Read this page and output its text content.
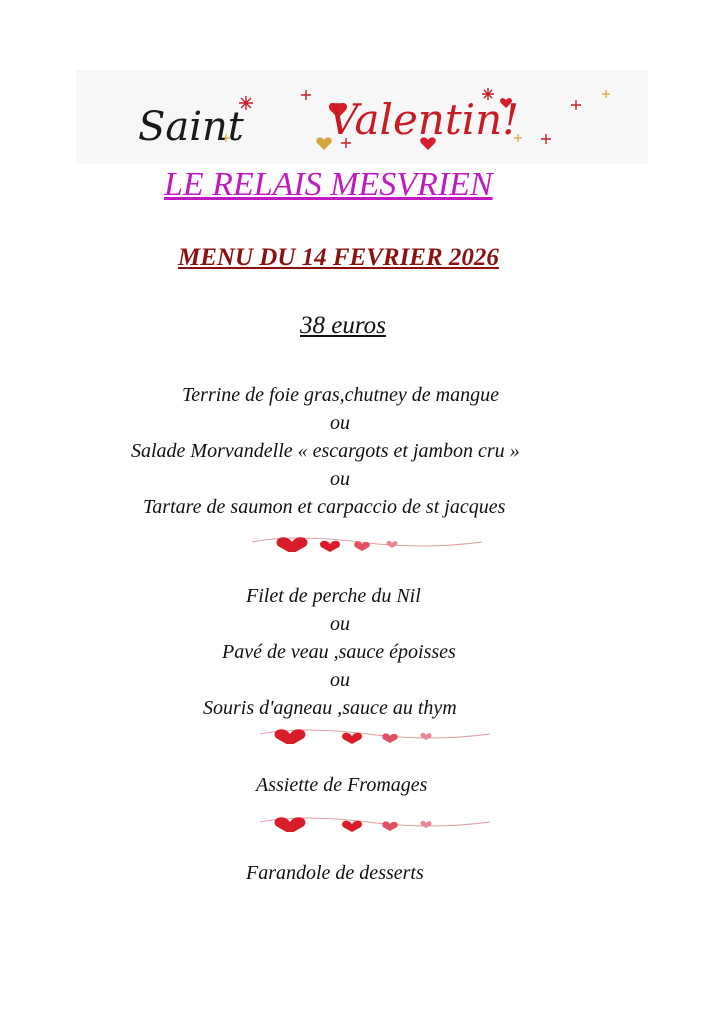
Saint Valentin!
LE RELAIS MESVRIEN
MENU DU 14 FEVRIER 2026
38 euros
Terrine de foie gras,chutney de mangue
ou
Salade Morvandelle « escargots et jambon cru »
ou
Tartare de saumon et carpaccio de st jacques
Filet de perche du Nil
ou
Pavé de veau ,sauce époisses
ou
Souris d'agneau ,sauce au thym
Assiette de Fromages
Farandole de desserts
